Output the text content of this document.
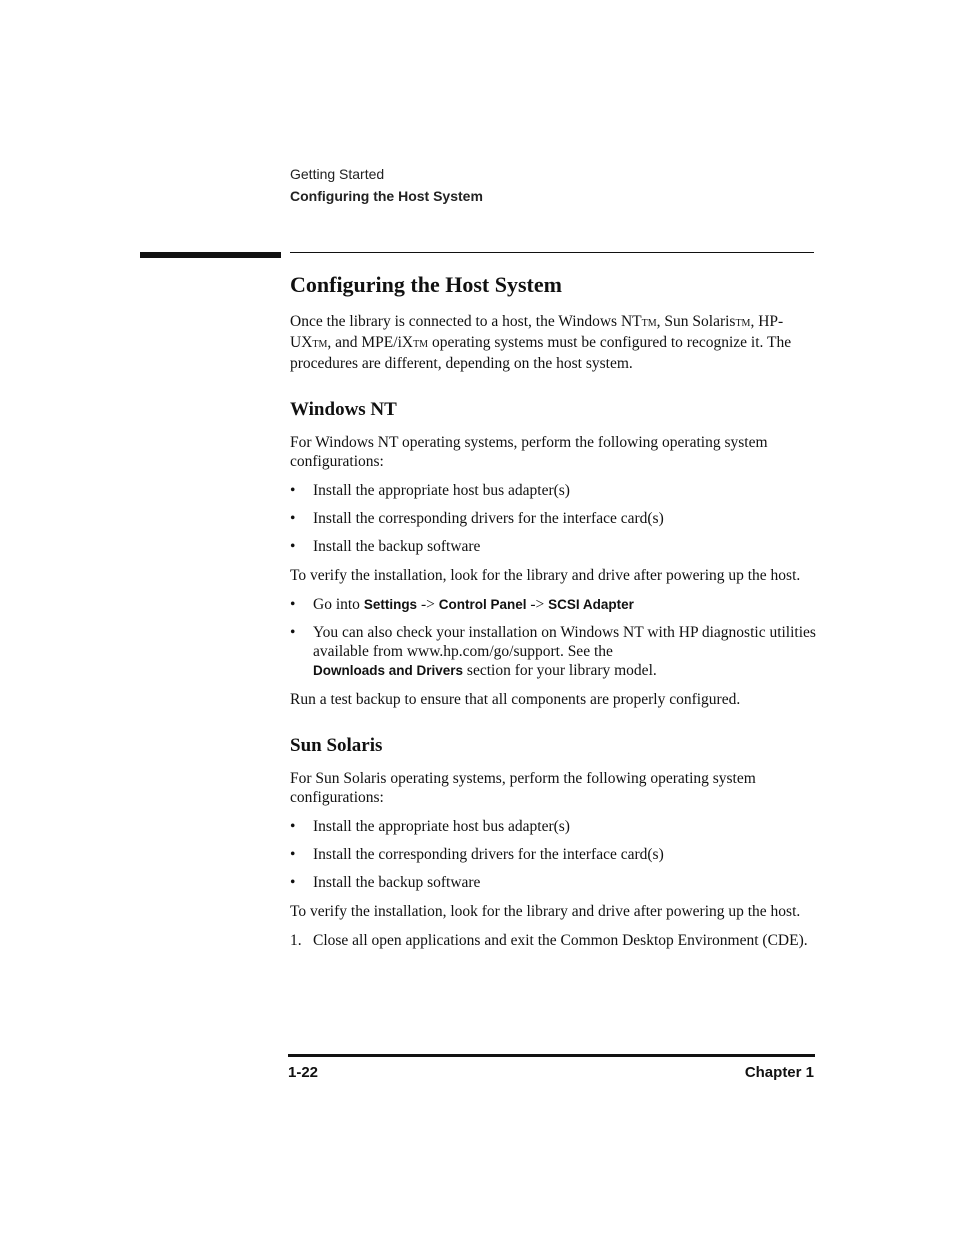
Getting Started
Configuring the Host System
Configuring the Host System

Once the library is connected to a host, the Windows NTTM, Sun SolarisTM, HP-UXTM, and MPE/iXTM operating systems must be configured to recognize it. The procedures are different, depending on the host system.

Windows NT

For Windows NT operating systems, perform the following operating system configurations:

• Install the appropriate host bus adapter(s)
• Install the corresponding drivers for the interface card(s)
• Install the backup software

To verify the installation, look for the library and drive after powering up the host.

• Go into Settings -> Control Panel -> SCSI Adapter
• You can also check your installation on Windows NT with HP diagnostic utilities available from www.hp.com/go/support. See the
Downloads and Drivers section for your library model.

Run a test backup to ensure that all components are properly configured.

Sun Solaris

For Sun Solaris operating systems, perform the following operating system configurations:

• Install the appropriate host bus adapter(s)
• Install the corresponding drivers for the interface card(s)
• Install the backup software

To verify the installation, look for the library and drive after powering up the host.

1. Close all open applications and exit the Common Desktop Environment (CDE).
1-22	Chapter 1
